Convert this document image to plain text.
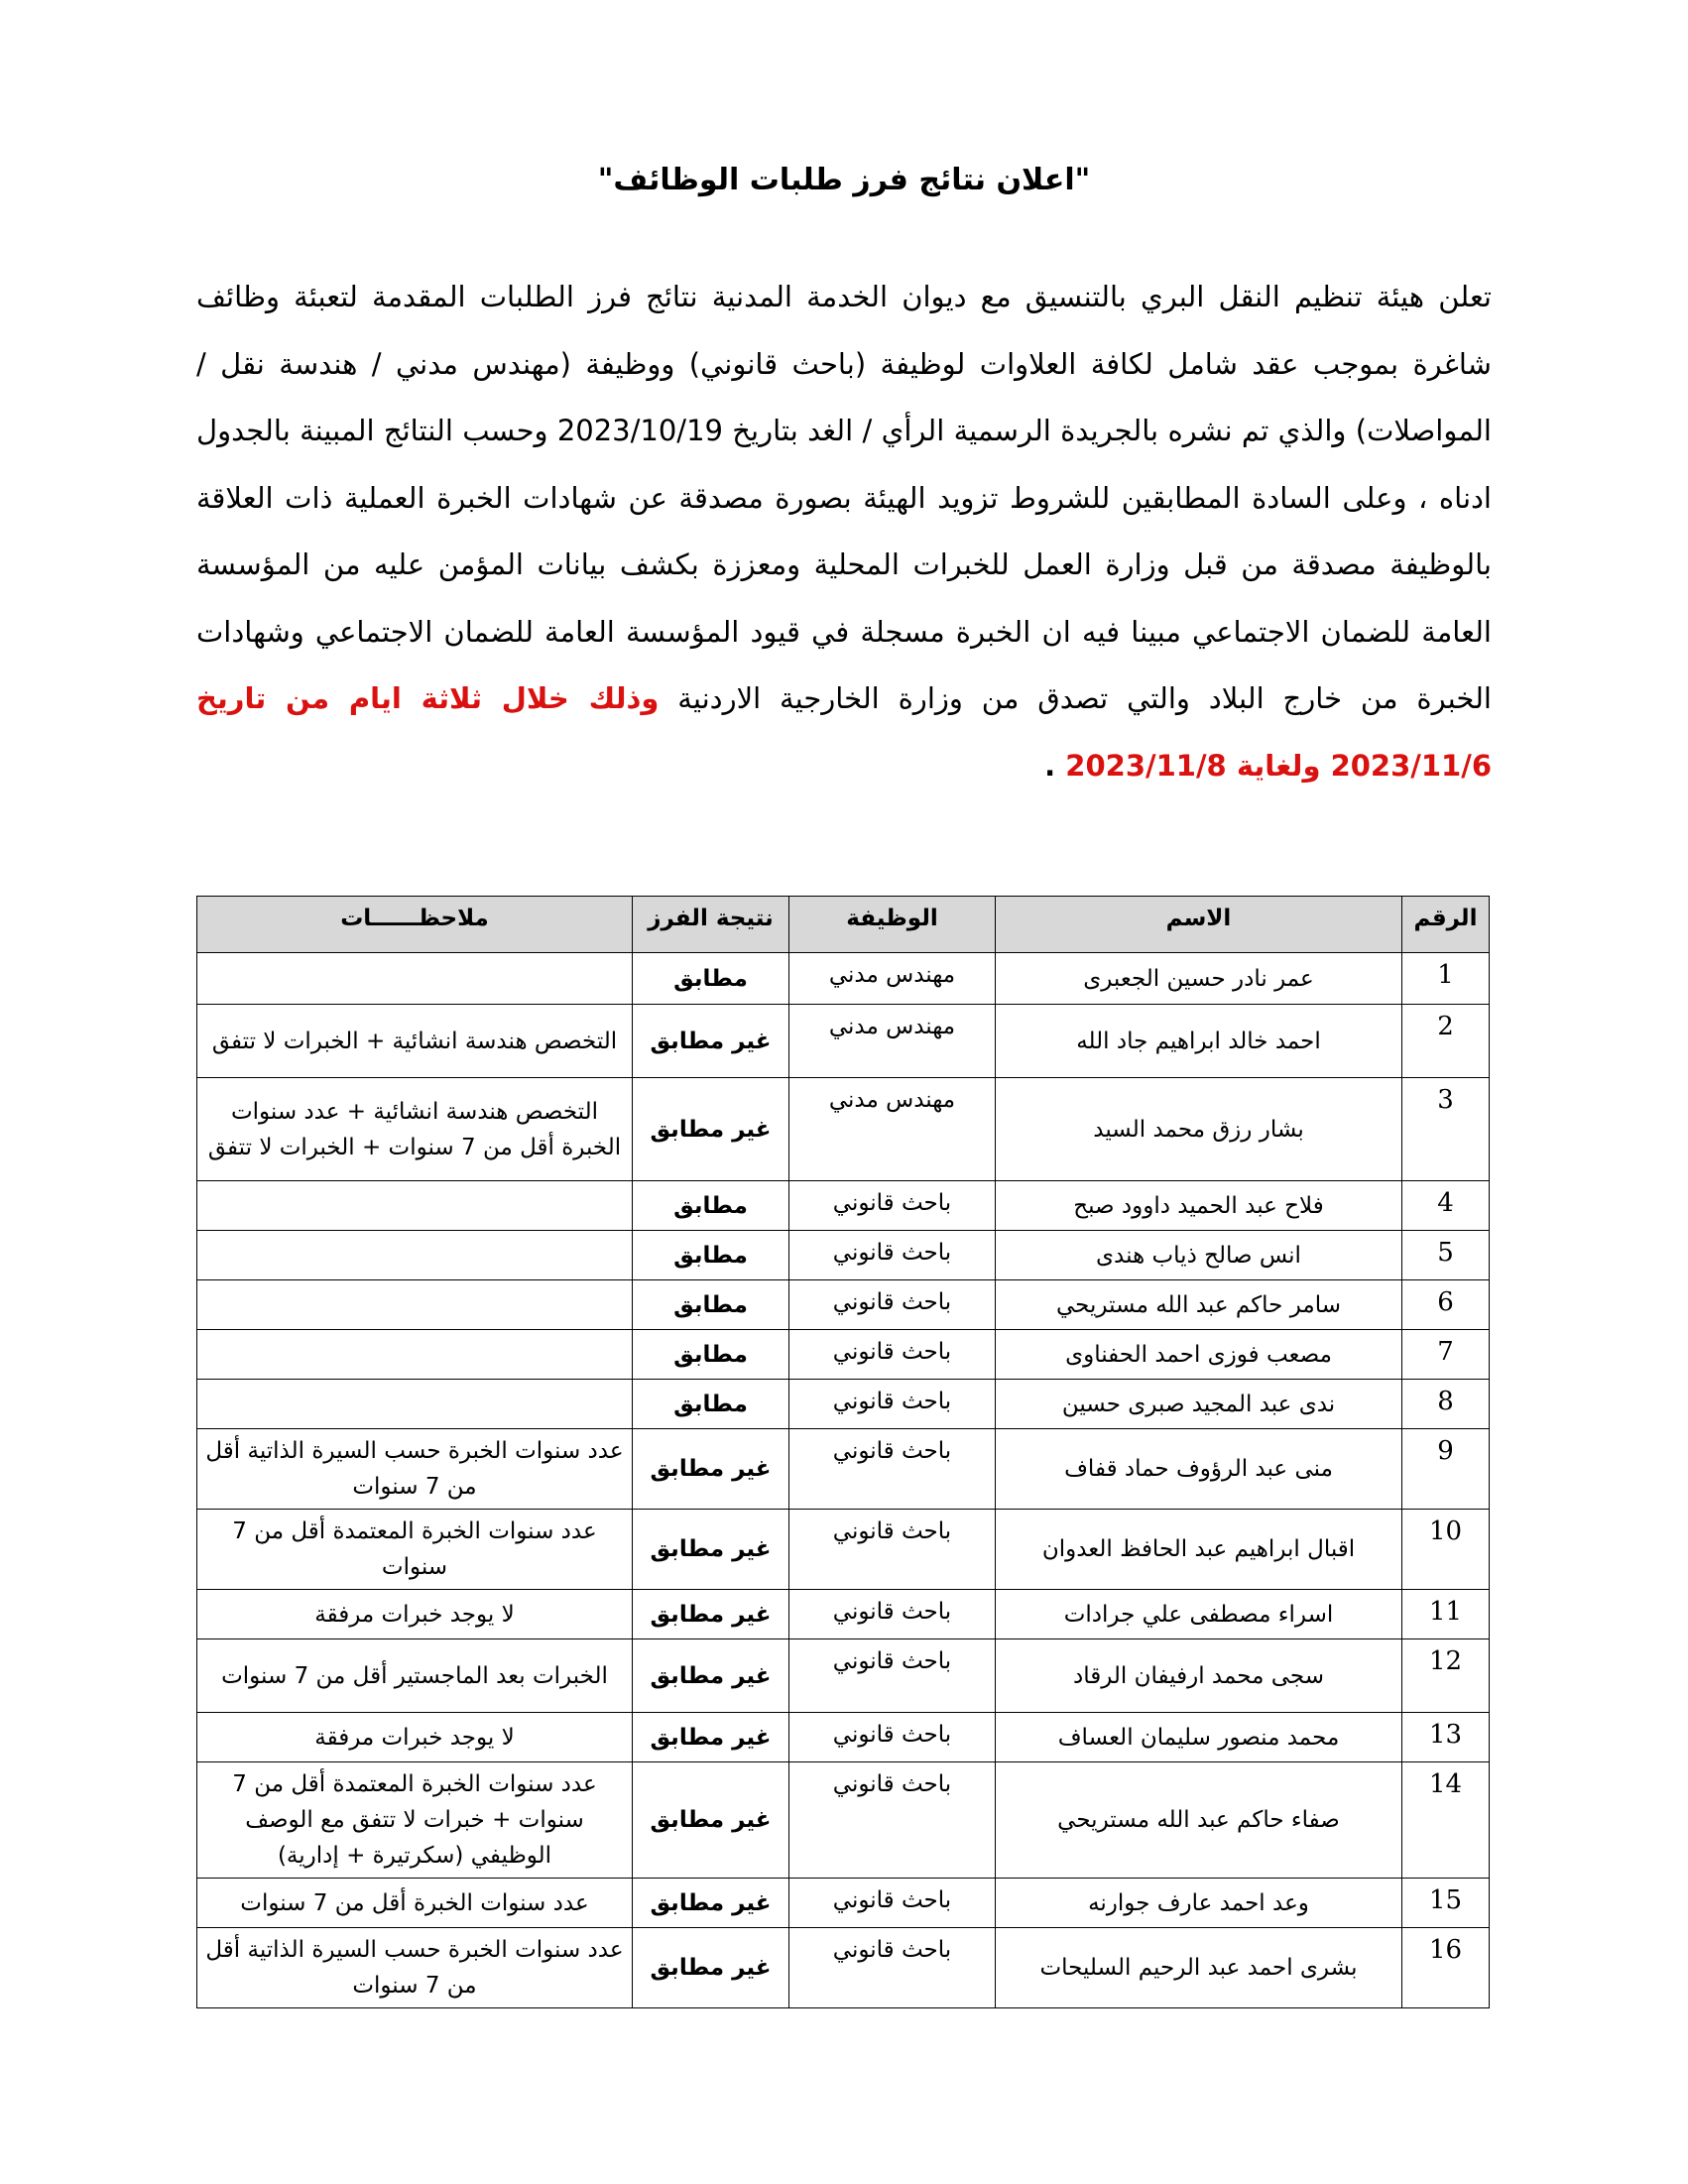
"اعلان نتائج فرز طلبات الوظائف"
تعلن هيئة تنظيم النقل البري بالتنسيق مع ديوان الخدمة المدنية نتائج فرز الطلبات المقدمة لتعبئة وظائف شاغرة بموجب عقد شامل لكافة العلاوات لوظيفة (باحث قانوني) ووظيفة (مهندس مدني / هندسة نقل / المواصلات) والذي تم نشره بالجريدة الرسمية الرأي / الغد بتاريخ 2023/10/19 وحسب النتائج المبينة بالجدول ادناه ، وعلى السادة المطابقين للشروط تزويد الهيئة بصورة مصدقة عن شهادات الخبرة العملية ذات العلاقة بالوظيفة مصدقة من قبل وزارة العمل للخبرات المحلية ومعززة بكشف بيانات المؤمن عليه من المؤسسة العامة للضمان الاجتماعي مبينا فيه ان الخبرة مسجلة في قيود المؤسسة العامة للضمان الاجتماعي وشهادات الخبرة من خارج البلاد والتي تصدق من وزارة الخارجية الاردنية وذلك خلال ثلاثة ايام من تاريخ 2023/11/6 ولغاية 2023/11/8 .
الرقم	الاسم	الوظيفة	نتيجة الفرز	ملاحظــــــات
1	عمر نادر حسين الجعبرى	مهندس مدني	مطابق	
2	احمد خالد ابراهيم جاد الله	مهندس مدني	غير مطابق	التخصص هندسة انشائية + الخبرات لا تتفق
3	بشار رزق محمد السيد	مهندس مدني	غير مطابق	التخصص هندسة انشائية + عدد سنوات الخبرة أقل من 7 سنوات + الخبرات لا تتفق
4	فلاح عبد الحميد داوود صبح	باحث قانوني	مطابق	
5	انس صالح ذياب هندى	باحث قانوني	مطابق	
6	سامر حاكم عبد الله مستريحي	باحث قانوني	مطابق	
7	مصعب فوزى احمد الحفناوى	باحث قانوني	مطابق	
8	ندى عبد المجيد صبرى حسين	باحث قانوني	مطابق	
9	منى عبد الرؤوف حماد قفاف	باحث قانوني	غير مطابق	عدد سنوات الخبرة حسب السيرة الذاتية أقل من 7 سنوات
10	اقبال ابراهيم عبد الحافظ العدوان	باحث قانوني	غير مطابق	عدد سنوات الخبرة المعتمدة أقل من 7 سنوات
11	اسراء مصطفى علي جرادات	باحث قانوني	غير مطابق	لا يوجد خبرات مرفقة
12	سجى محمد ارفيفان الرقاد	باحث قانوني	غير مطابق	الخبرات بعد الماجستير أقل من 7 سنوات
13	محمد منصور سليمان العساف	باحث قانوني	غير مطابق	لا يوجد خبرات مرفقة
14	صفاء حاكم عبد الله مستريحي	باحث قانوني	غير مطابق	عدد سنوات الخبرة المعتمدة أقل من 7 سنوات + خبرات لا تتفق مع الوصف الوظيفي (سكرتيرة + إدارية)
15	وعد احمد عارف جوارنه	باحث قانوني	غير مطابق	عدد سنوات الخبرة أقل من 7 سنوات
16	بشرى احمد عبد الرحيم السليحات	باحث قانوني	غير مطابق	عدد سنوات الخبرة حسب السيرة الذاتية أقل من 7 سنوات
